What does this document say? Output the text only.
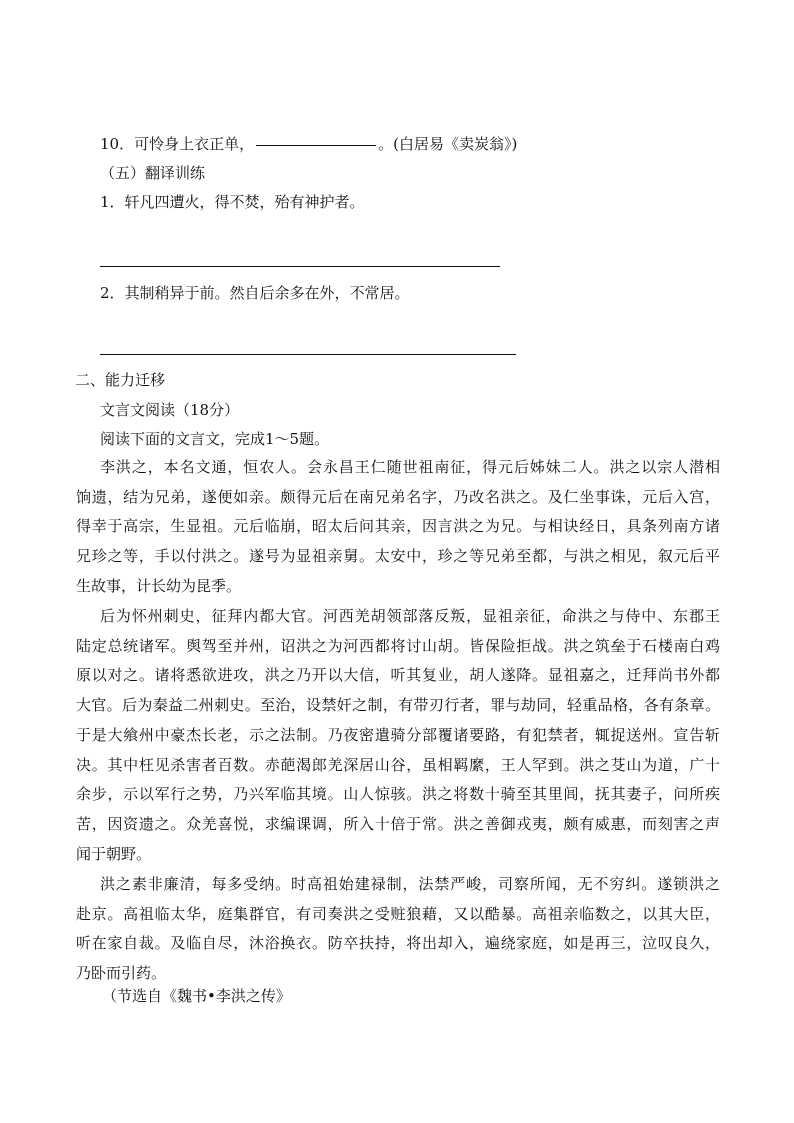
10．可怜身上衣正单，	。(白居易《卖炭翁》)
（五）翻译训练
1．轩凡四遭火，得不焚，殆有神护者。
2．其制稍异于前。然自后余多在外，不常居。
二、能力迁移
文言文阅读（18分）
阅读下面的文言文，完成1～5题。
李洪之，本名文通，恒农人。会永昌王仁随世祖南征，得元后姊妹二人。洪之以宗人潜相
饷遗，结为兄弟，遂便如亲。颇得元后在南兄弟名字，乃改名洪之。及仁坐事诛，元后入宫，
得幸于高宗，生显祖。元后临崩，昭太后问其亲，因言洪之为兄。与相诀经日，具条列南方诸
兄珍之等，手以付洪之。遂号为显祖亲舅。太安中，珍之等兄弟至都，与洪之相见，叙元后平
生故事，计长幼为昆季。
后为怀州刺史，征拜内都大官。河西羌胡领部落反叛，显祖亲征，命洪之与侍中、东郡王
陆定总统诸军。舆驾至并州，诏洪之为河西都将讨山胡。皆保险拒战。洪之筑垒于石楼南白鸡
原以对之。诸将悉欲进攻，洪之乃开以大信，听其复业，胡人遂降。显祖嘉之，迁拜尚书外都
大官。后为秦益二州刺史。至治，设禁奸之制，有带刃行者，罪与劫同，轻重品格，各有条章。
于是大飨州中豪杰长老，示之法制。乃夜密遣骑分部覆诸要路，有犯禁者，辄捉送州。宣告斩
决。其中枉见杀害者百数。赤葩渴郎羌深居山谷，虽相羁縻，王人罕到。洪之芟山为道，广十
余步，示以军行之势，乃兴军临其境。山人惊骇。洪之将数十骑至其里闾，抚其妻子，问所疾
苦，因资遗之。众羌喜悦，求编课调，所入十倍于常。洪之善御戎夷，颇有威惠，而刻害之声
闻于朝野。
洪之素非廉清，每多受纳。时高祖始建禄制，法禁严峻，司察所闻，无不穷纠。遂锁洪之
赴京。高祖临太华，庭集群官，有司奏洪之受赃狼藉，又以酷暴。高祖亲临数之，以其大臣，
听在家自裁。及临自尽，沐浴换衣。防卒扶持，将出却入，遍绕家庭，如是再三，泣叹良久，
乃卧而引药。
（节选自《魏书•李洪之传》
